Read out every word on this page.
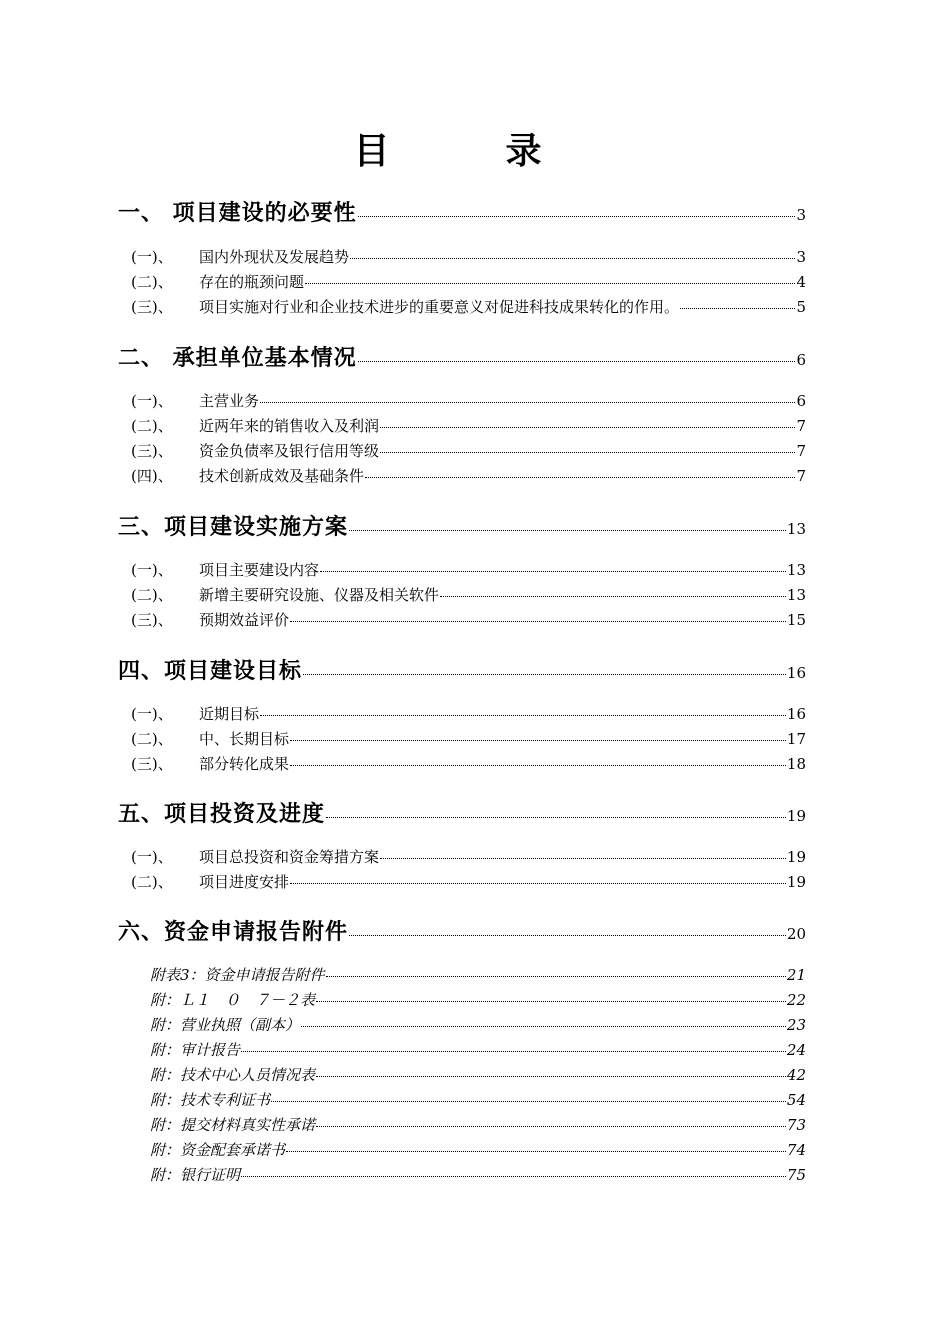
目　录
一、 项目建设的必要性	3
(一)、	国内外现状及发展趋势	3
(二)、	存在的瓶颈问题	4
(三)、	项目实施对行业和企业技术进步的重要意义对促进科技成果转化的作用。	5
二、 承担单位基本情况	6
(一)、	主营业务	6
(二)、	近两年来的销售收入及利润	7
(三)、	资金负债率及银行信用等级	7
(四)、	技术创新成效及基础条件	7
三、项目建设实施方案	13
(一)、	项目主要建设内容	13
(二)、	新增主要研究设施、仪器及相关软件	13
(三)、	预期效益评价	15
四、项目建设目标	16
(一)、	近期目标	16
(二)、	中、长期目标	17
(三)、	部分转化成果	18
五、项目投资及进度	19
(一)、	项目总投资和资金筹措方案	19
(二)、	项目进度安排	19
六、资金申请报告附件	20
附表3：资金申请报告附件	21
附：Ｌ１　０　７－２表	22
附：营业执照（副本）	23
附：审计报告	24
附：技术中心人员情况表	42
附：技术专利证书	54
附：提交材料真实性承诺	73
附：资金配套承诺书	74
附：银行证明	75
